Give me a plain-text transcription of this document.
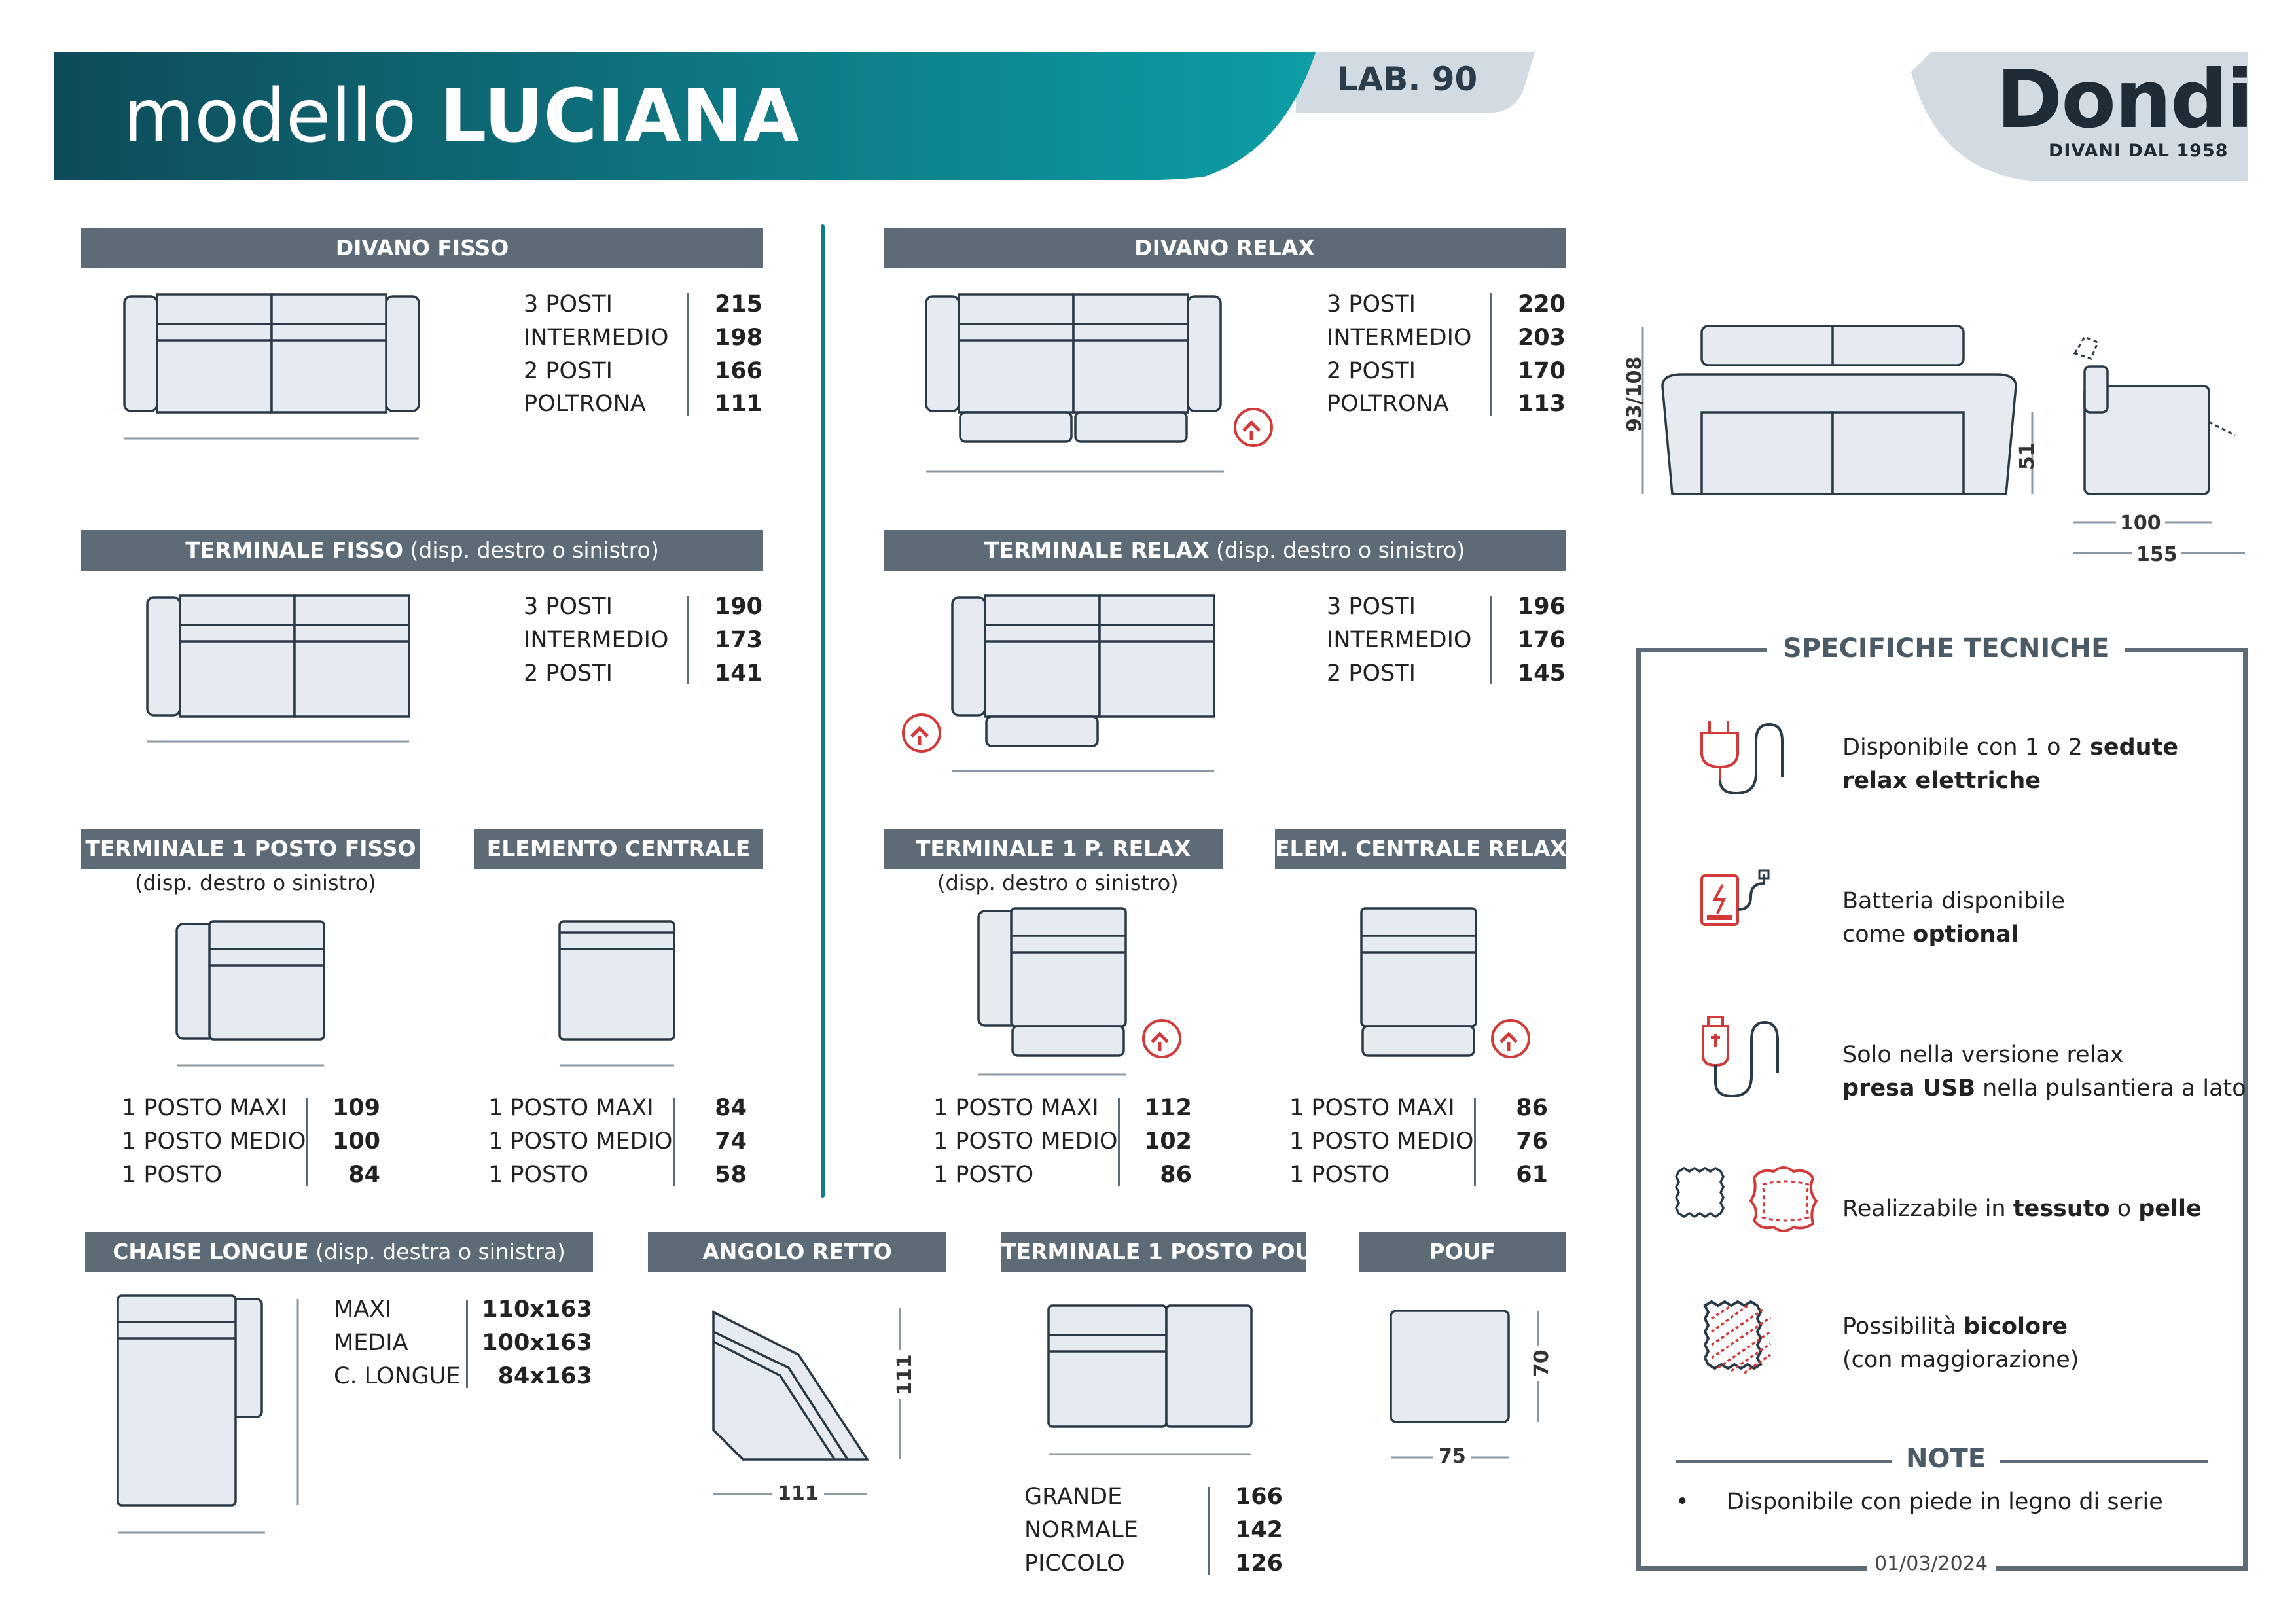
modello LUCIANA	LAB. 90	Dondi
DIVANI DAL 1958
DIVANO FISSO
3 POSTI	215
INTERMEDIO 198
2 POSTI	166
POLTRONA	111
DIVANO RELAX
3 POSTI	220
INTERMEDIO 203
2 POSTI	170
POLTRONA	113	93/108
51
100
155
TERMINALE FISSO (disp. destro o sinistro)
3 POSTI	190
INTERMEDIO 173
2 POSTI	141
TERMINALE RELAX (disp. destro o sinistro)
3 POSTI	196
INTERMEDIO 176
2 POSTI	145
TERMINALE 1 POSTO FISSO
(disp. destro o sinistro)
1 POSTO MAXI 109
1 POSTO MEDIO 100
1 POSTO	84
ELEMENTO CENTRALE
1 POSTO MAXI	84
1 POSTO MEDIO 74
1 POSTO	58
TERMINALE 1 P. RELAX
(disp. destro o sinistro)
1 POSTO MAXI 112
1 POSTO MEDIO 102
1 POSTO	86
ELEM. CENTRALE RELAX
1 POSTO MAXI	86
1 POSTO MEDIO 76
1 POSTO	61
CHAISE LONGUE (disp. destra o sinistra)
MAXI	110x163
MEDIA	100x163
C. LONGUE 84x163
ANGOLO RETTO
111
111
TERMINALE 1 POSTO POUF
GRANDE	166
NORMALE	142
PICCOLO	126
POUF
70
75
SPECIFICHE TECNICHE
Disponibile con 1 o 2 sedute
relax elettriche
Batteria disponibile
come optional
Solo nella versione relax
presa USB nella pulsantiera a lato
Realizzabile in tessuto o pelle
Possibilità bicolore
(con maggiorazione)
NOTE
• Disponibile con piede in legno di serie
01/03/2024
